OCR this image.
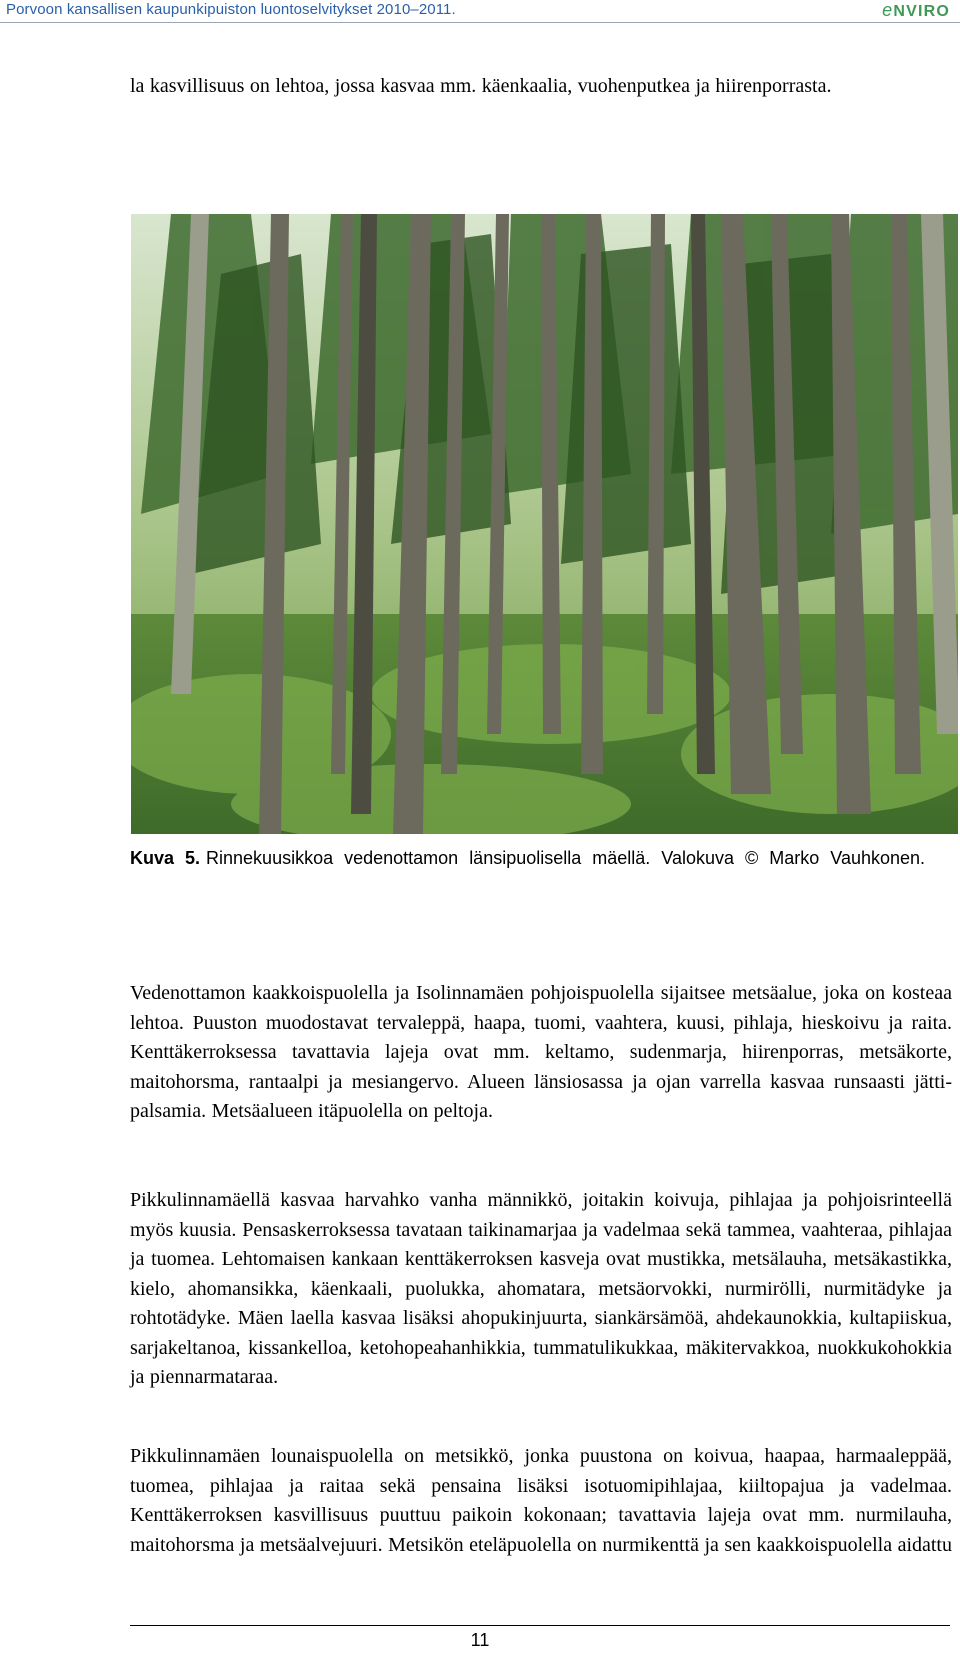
Porvoon kansallisen kaupunkipuiston luontoselvitykset 2010–2011.	eNVIRO
la kasvillisuus on lehtoa, jossa kasvaa mm. käenkaalia, vuohenputkea ja hiirenporrasta.
Kuva 5. Rinnekuusikkoa vedenottamon länsipuolisella mäellä. Valokuva © Marko Vauhkonen.
Vedenottamon kaakkoispuolella ja Isolinnamäen pohjoispuolella sijaitsee metsäalue, joka on kosteaa lehtoa. Puuston muodostavat tervaleppä, haapa, tuomi, vaahtera, kuusi, pihlaja, hieskoivu ja raita. Kenttäkerroksessa tavattavia lajeja ovat mm. keltamo, sudenmarja, hiirenporras, metsäkorte, maitohorsma, rantaalpi ja mesiangervo. Alueen länsiosassa ja ojan varrella kasvaa runsaasti jättipalsamia. Metsäalueen itäpuolella on peltoja.
Pikkulinnamäellä kasvaa harvahko vanha männikkö, joitakin koivuja, pihlajaa ja pohjoisrinteellä myös kuusia. Pensaskerroksessa tavataan taikinamarjaa ja vadelmaa sekä tammea, vaahteraa, pihlajaa ja tuomea. Lehtomaisen kankaan kenttäkerroksen kasveja ovat mustikka, metsälauha, metsäkastikka, kielo, ahomansikka, käenkaali, puolukka, ahomatara, metsäorvokki, nurmirölli, nurmitädyke ja rohtotädyke. Mäen laella kasvaa lisäksi ahopukinjuurta, siankärsämöä, ahdekaunokkia, kultapiiskua, sarjakeltanoa, kissankelloa, ketohopeahanhikkia, tummatulikukkaa, mäkitervakkoa, nuokkukohokkia ja piennarmataraa.
Pikkulinnamäen lounaispuolella on metsikkö, jonka puustona on koivua, haapaa, harmaaleppää, tuomea, pihlajaa ja raitaa sekä pensaina lisäksi isotuomipihlajaa, kiiltopajua ja vadelmaa. Kenttäkerroksen kasvillisuus puuttuu paikoin kokonaan; tavattavia lajeja ovat mm. nurmilauha, maitohorsma ja metsäalvejuuri. Metsikön eteläpuolella on nurmikenttä ja sen kaakkoispuolella aidattu
11
